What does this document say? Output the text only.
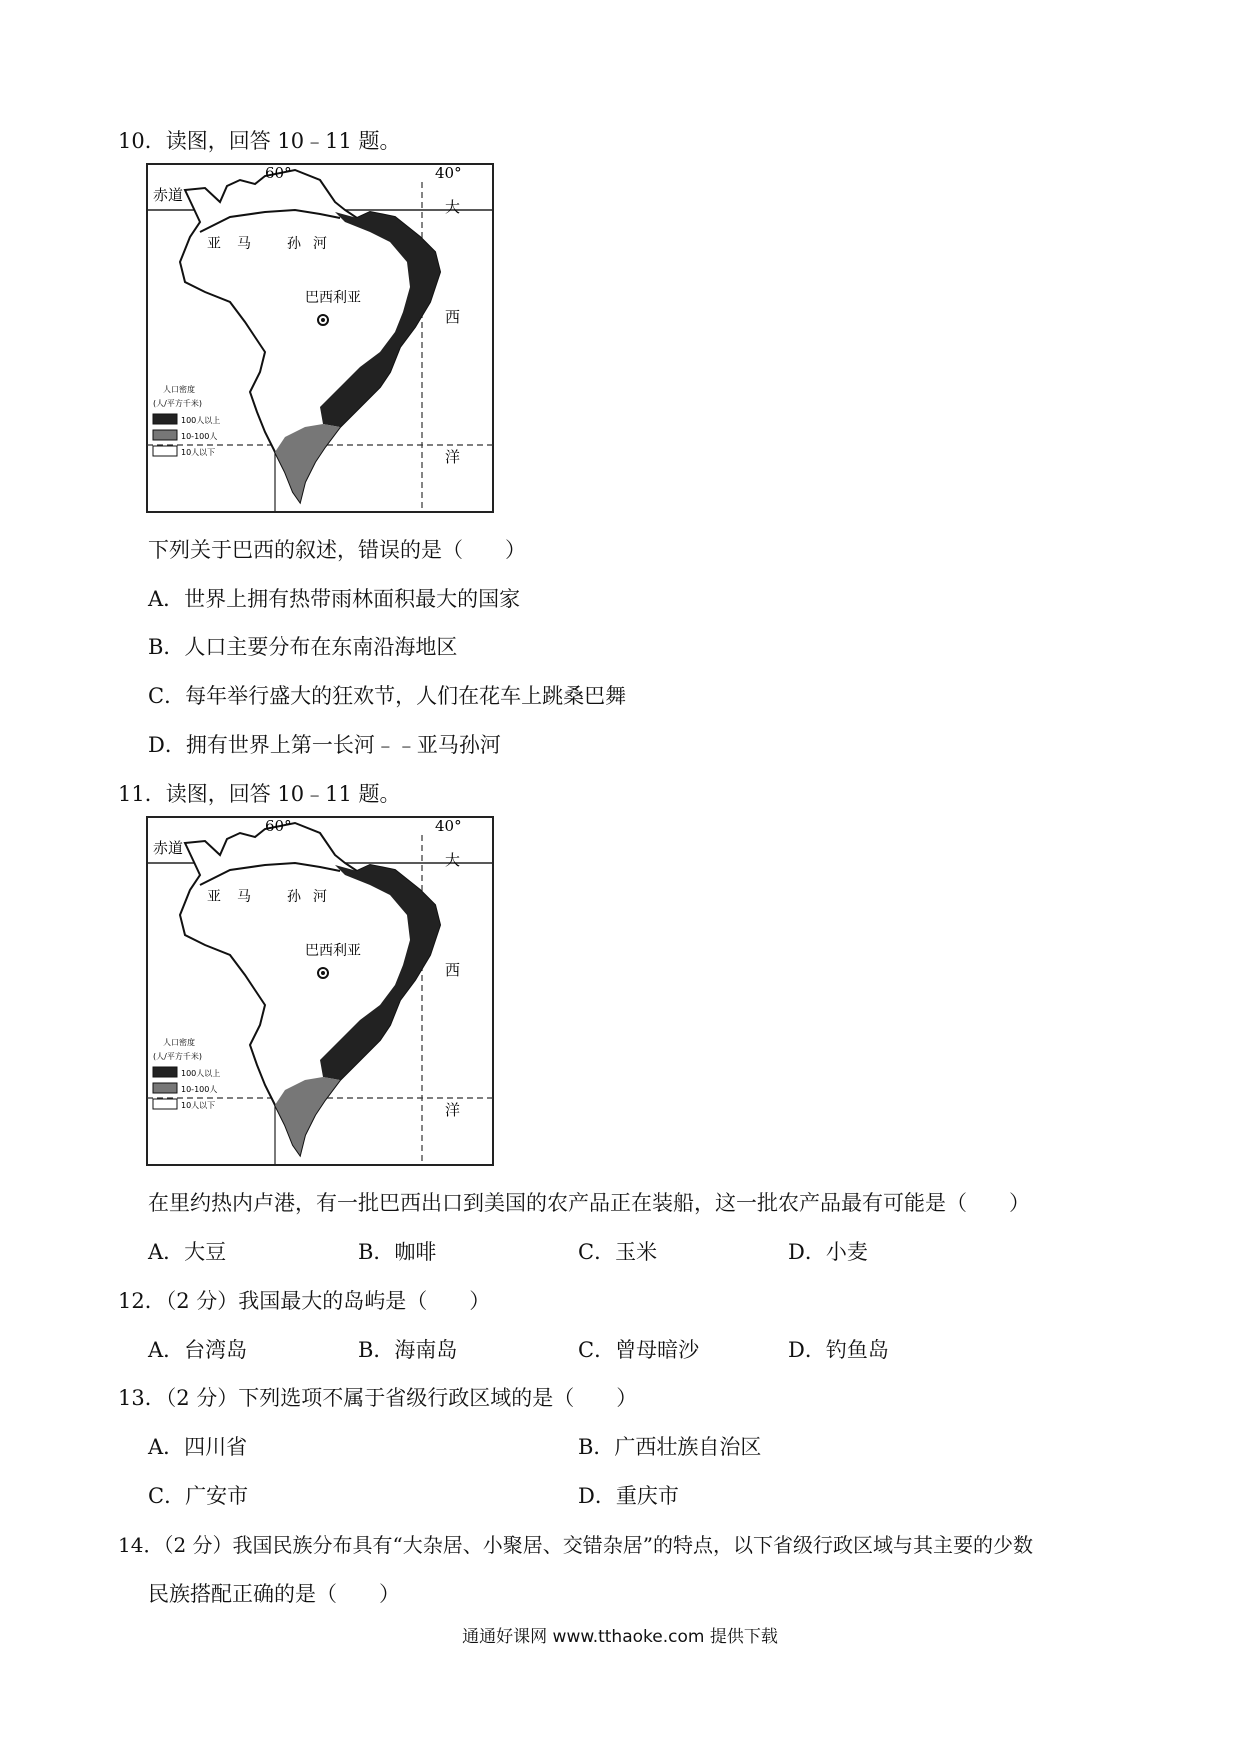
10．读图，回答 10﹣11 题。
60°	40°
赤道
亚 马	孙 河
巴西利亚
大
西
洋
人口密度
(人/平方千米)
100人以上
10-100人
10人以下
下列关于巴西的叙述，错误的是（　　）
A．世界上拥有热带雨林面积最大的国家
B．人口主要分布在东南沿海地区
C．每年举行盛大的狂欢节，人们在花车上跳桑巴舞
D．拥有世界上第一长河﹣﹣亚马孙河
11．读图，回答 10﹣11 题。
60°	40°
赤道
亚 马	孙 河
巴西利亚
大
西
洋
人口密度
(人/平方千米)
100人以上
10-100人
10人以下
在里约热内卢港，有一批巴西出口到美国的农产品正在装船，这一批农产品最有可能是（　　）
A．大豆	B．咖啡	C．玉米	D．小麦
12．（2 分）我国最大的岛屿是（　　）
A．台湾岛	B．海南岛	C．曾母暗沙	D．钓鱼岛
13．（2 分）下列选项不属于省级行政区域的是（　　）
A．四川省	B．广西壮族自治区
C．广安市	D．重庆市
14．（2 分）我国民族分布具有“大杂居、小聚居、交错杂居”的特点，以下省级行政区域与其主要的少数
民族搭配正确的是（　　）
通通好课网 www.tthaoke.com 提供下载
